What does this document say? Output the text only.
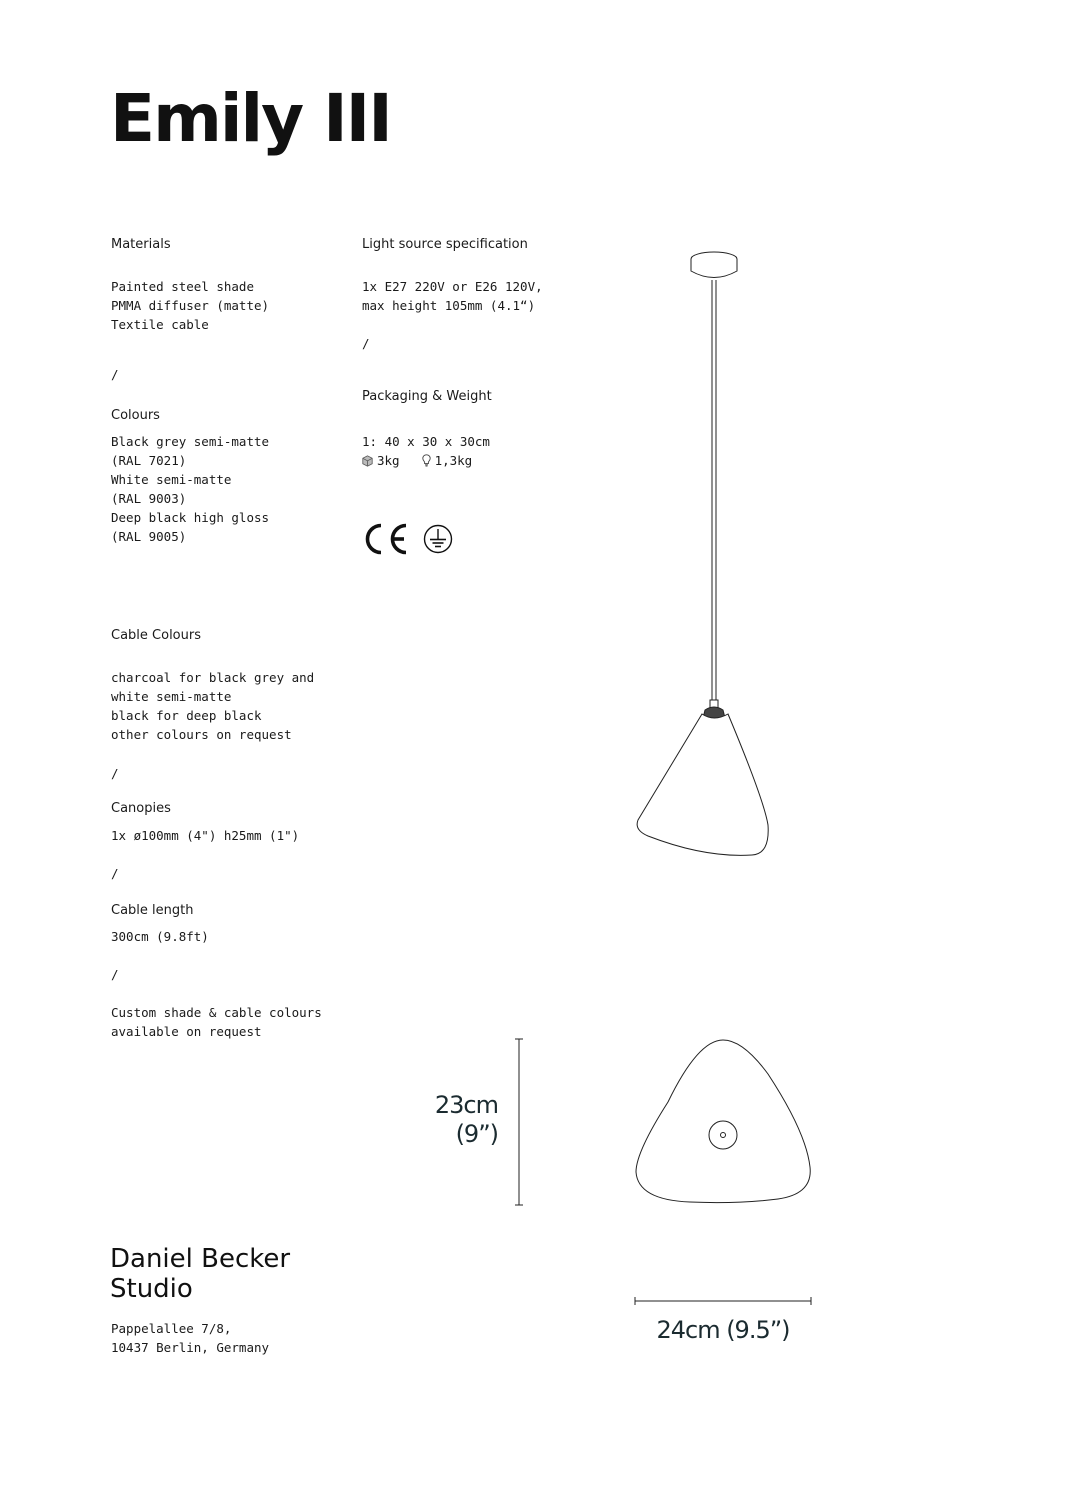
Emily III
Materials
Painted steel shade
PMMA diffuser (matte)
Textile cable
/
Colours
Black grey semi-matte
(RAL 7021)
White semi-matte
(RAL 9003)
Deep black high gloss
(RAL 9005)
Cable Colours
charcoal for black grey and
white semi-matte
black for deep black
other colours on request
/
Canopies
1x ø100mm (4") h25mm (1")
/
Cable length
300cm (9.8ft)
/
Custom shade & cable colours
available on request
Light source specification
1x E27 220V or E26 120V,
max height 105mm (4.1“)
/
Packaging & Weight
1: 40 x 30 x 30cm
3kg	1,3kg
23cm
(9”)
24cm (9.5”)
Daniel Becker
Studio
Pappelallee 7/8,
10437 Berlin, Germany
